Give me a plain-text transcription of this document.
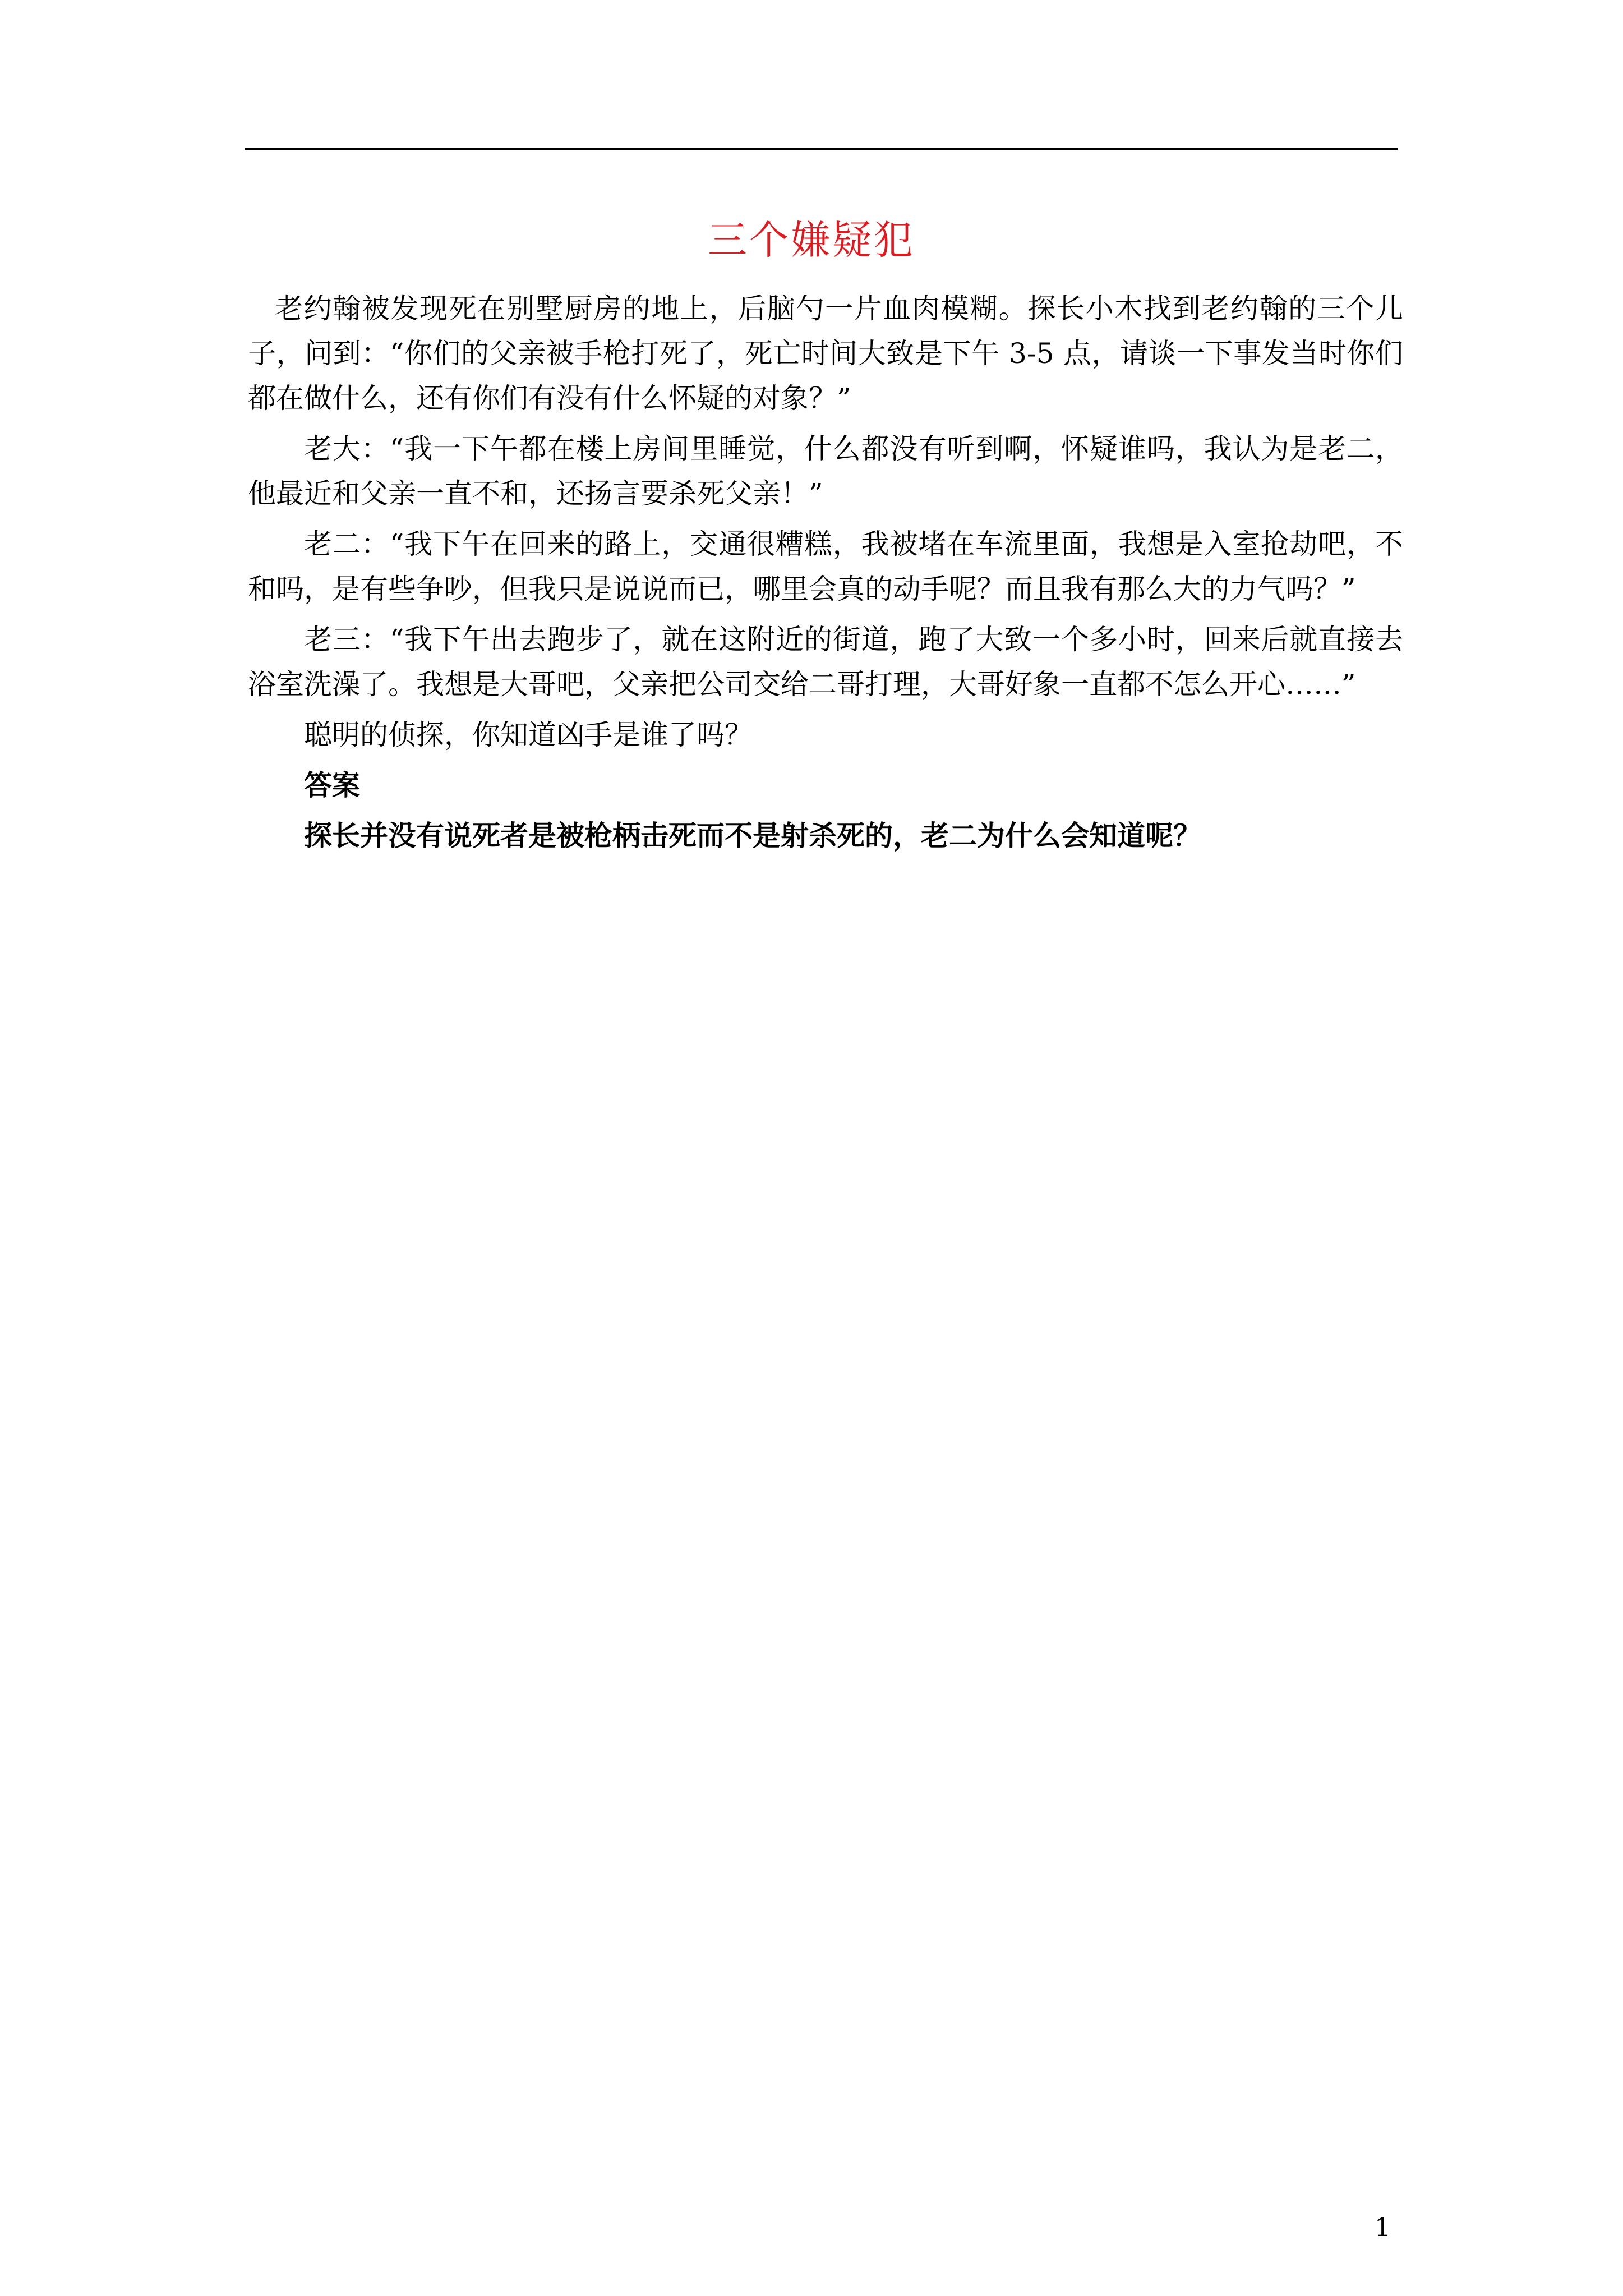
三个嫌疑犯

老约翰被发现死在别墅厨房的地上，后脑勺一片血肉模糊。探长小木找到老约翰的三个儿子，问到：“你们的父亲被手枪打死了，死亡时间大致是下午 3-5 点，请谈一下事发当时你们都在做什么，还有你们有没有什么怀疑的对象？”

老大：“我一下午都在楼上房间里睡觉，什么都没有听到啊，怀疑谁吗，我认为是老二，他最近和父亲一直不和，还扬言要杀死父亲！”

老二：“我下午在回来的路上，交通很糟糕，我被堵在车流里面，我想是入室抢劫吧，不和吗，是有些争吵，但我只是说说而已，哪里会真的动手呢？而且我有那么大的力气吗？”

老三：“我下午出去跑步了，就在这附近的街道，跑了大致一个多小时，回来后就直接去浴室洗澡了。我想是大哥吧，父亲把公司交给二哥打理，大哥好象一直都不怎么开心……”

聪明的侦探，你知道凶手是谁了吗？

答案

探长并没有说死者是被枪柄击死而不是射杀死的，老二为什么会知道呢？

1
